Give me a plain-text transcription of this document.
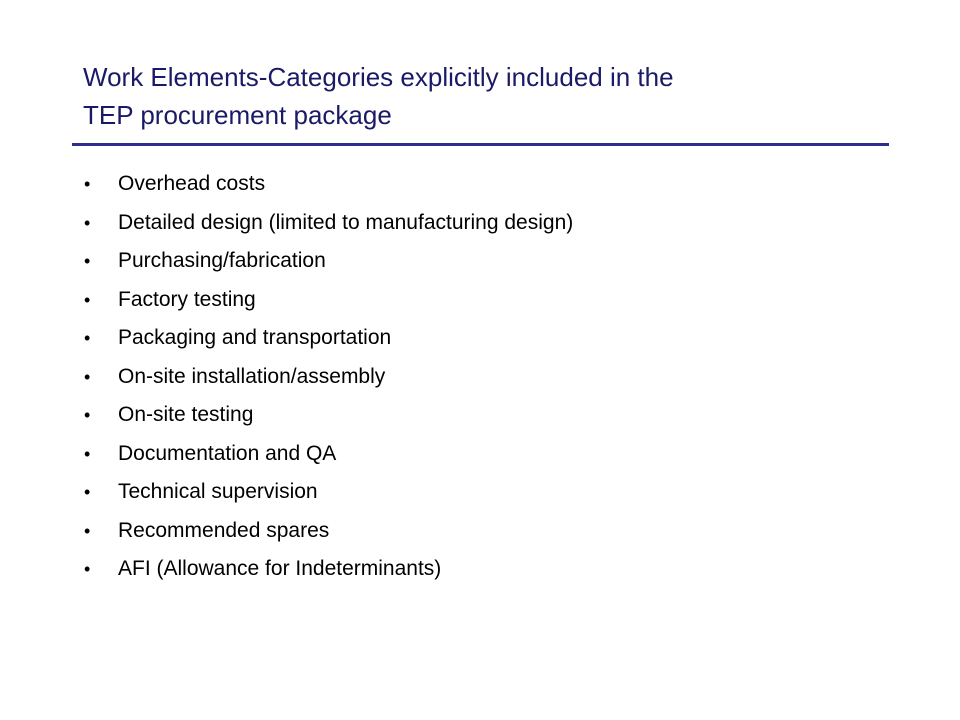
Work Elements-Categories explicitly included in the
TEP procurement package
•	Overhead costs
•	Detailed design (limited to manufacturing design)
•	Purchasing/fabrication
•	Factory testing
•	Packaging and transportation
•	On-site installation/assembly
•	On-site testing
•	Documentation and QA
•	Technical supervision
•	Recommended spares
•	AFI (Allowance for Indeterminants)
